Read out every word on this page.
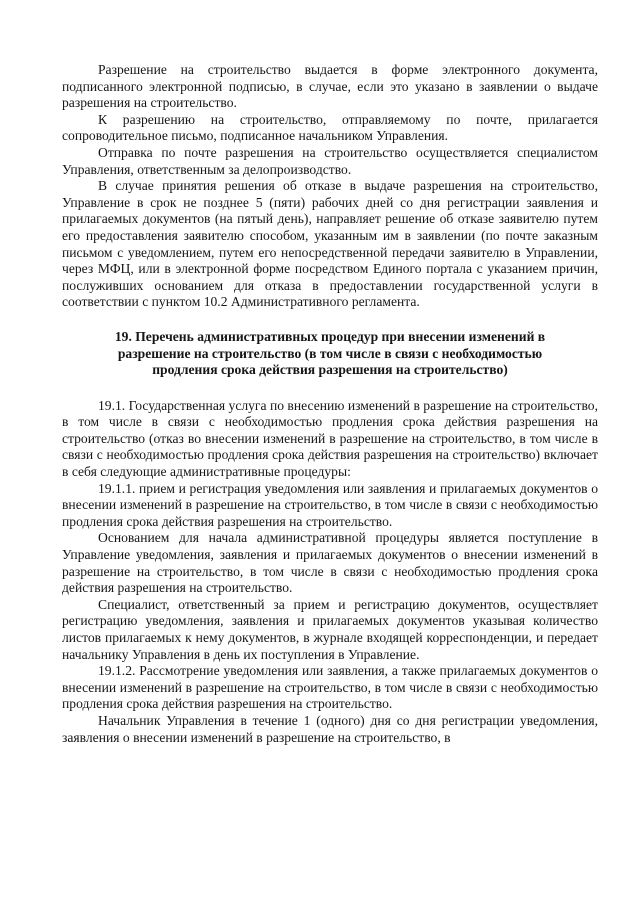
Разрешение на строительство выдается в форме электронного документа, подписанного электронной подписью, в случае, если это указано в заявлении о выдаче разрешения на строительство.

К разрешению на строительство, отправляемому по почте, прилагается сопроводительное письмо, подписанное начальником Управления.

Отправка по почте разрешения на строительство осуществляется специалистом Управления, ответственным за делопроизводство.

В случае принятия решения об отказе в выдаче разрешения на строительство, Управление в срок не позднее 5 (пяти) рабочих дней со дня регистрации заявления и прилагаемых документов (на пятый день), направляет решение об отказе заявителю путем его предоставления заявителю способом, указанным им в заявлении (по почте заказным письмом с уведомлением, путем его непосредственной передачи заявителю в Управлении, через МФЦ, или в электронной форме посредством Единого портала с указанием причин, послуживших основанием для отказа в предоставлении государственной услуги в соответствии с пунктом 10.2 Административного регламента.

19. Перечень административных процедур при внесении изменений в
разрешение на строительство (в том числе в связи с необходимостью
продления срока действия разрешения на строительство)

19.1. Государственная услуга по внесению изменений в разрешение на строительство, в том числе в связи с необходимостью продления срока действия разрешения на строительство (отказ во внесении изменений в разрешение на строительство, в том числе в связи с необходимостью продления срока действия разрешения на строительство) включает в себя следующие административные процедуры:

19.1.1. прием и регистрация уведомления или заявления и прилагаемых документов о внесении изменений в разрешение на строительство, в том числе в связи с необходимостью продления срока действия разрешения на строительство.

Основанием для начала административной процедуры является поступление в Управление уведомления, заявления и прилагаемых документов о внесении изменений в разрешение на строительство, в том числе в связи с необходимостью продления срока действия разрешения на строительство.

Специалист, ответственный за прием и регистрацию документов, осуществляет регистрацию уведомления, заявления и прилагаемых документов указывая количество листов прилагаемых к нему документов, в журнале входящей корреспонденции, и передает начальнику Управления в день их поступления в Управление.

19.1.2. Рассмотрение уведомления или заявления, а также прилагаемых документов о внесении изменений в разрешение на строительство, в том числе в связи с необходимостью продления срока действия разрешения на строительство.

Начальник Управления в течение 1 (одного) дня со дня регистрации уведомления, заявления о внесении изменений в разрешение на строительство, в
